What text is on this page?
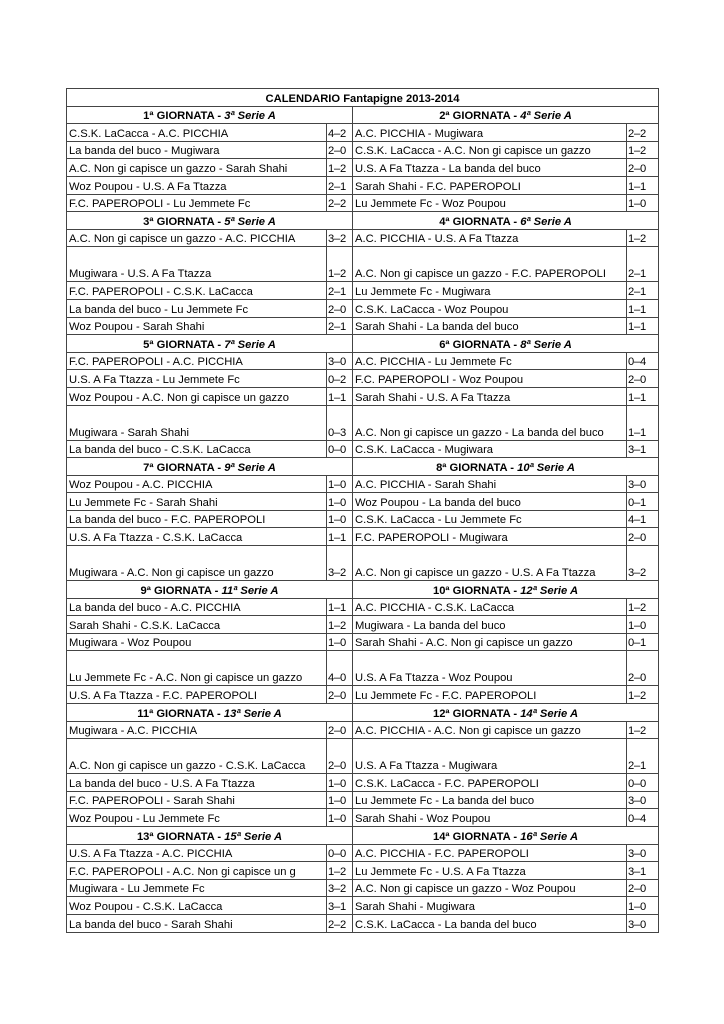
CALENDARIO Fantapigne 2013-2014			
1ª GIORNATA - 3ª Serie A		2ª GIORNATA - 4ª Serie A	
C.S.K. LaCacca - A.C. PICCHIA	4–2	A.C. PICCHIA - Mugiwara	2–2
La banda del buco - Mugiwara	2–0	C.S.K. LaCacca - A.C. Non gi capisce un gazzo	1–2
A.C. Non gi capisce un gazzo - Sarah Shahi	1–2	U.S. A Fa Ttazza - La banda del buco	2–0
Woz Poupou - U.S. A Fa Ttazza	2–1	Sarah Shahi - F.C. PAPEROPOLI	1–1
F.C. PAPEROPOLI - Lu Jemmete Fc	2–2	Lu Jemmete Fc - Woz Poupou	1–0
3ª GIORNATA - 5ª Serie A		4ª GIORNATA - 6ª Serie A	
A.C. Non gi capisce un gazzo - A.C. PICCHIA	3–2	A.C. PICCHIA - U.S. A Fa Ttazza	1–2
Mugiwara - U.S. A Fa Ttazza	1–2	A.C. Non gi capisce un gazzo - F.C. PAPEROPOLI	2–1
F.C. PAPEROPOLI - C.S.K. LaCacca	2–1	Lu Jemmete Fc - Mugiwara	2–1
La banda del buco - Lu Jemmete Fc	2–0	C.S.K. LaCacca - Woz Poupou	1–1
Woz Poupou - Sarah Shahi	2–1	Sarah Shahi - La banda del buco	1–1
5ª GIORNATA - 7ª Serie A		6ª GIORNATA - 8ª Serie A	
F.C. PAPEROPOLI - A.C. PICCHIA	3–0	A.C. PICCHIA - Lu Jemmete Fc	0–4
U.S. A Fa Ttazza - Lu Jemmete Fc	0–2	F.C. PAPEROPOLI - Woz Poupou	2–0
Woz Poupou - A.C. Non gi capisce un gazzo	1–1	Sarah Shahi - U.S. A Fa Ttazza	1–1
Mugiwara - Sarah Shahi	0–3	A.C. Non gi capisce un gazzo - La banda del buco	1–1
La banda del buco - C.S.K. LaCacca	0–0	C.S.K. LaCacca - Mugiwara	3–1
7ª GIORNATA - 9ª Serie A		8ª GIORNATA - 10ª Serie A	
Woz Poupou - A.C. PICCHIA	1–0	A.C. PICCHIA - Sarah Shahi	3–0
Lu Jemmete Fc - Sarah Shahi	1–0	Woz Poupou - La banda del buco	0–1
La banda del buco - F.C. PAPEROPOLI	1–0	C.S.K. LaCacca - Lu Jemmete Fc	4–1
U.S. A Fa Ttazza - C.S.K. LaCacca	1–1	F.C. PAPEROPOLI - Mugiwara	2–0
Mugiwara - A.C. Non gi capisce un gazzo	3–2	A.C. Non gi capisce un gazzo - U.S. A Fa Ttazza	3–2
9ª GIORNATA - 11ª Serie A		10ª GIORNATA - 12ª Serie A	
La banda del buco - A.C. PICCHIA	1–1	A.C. PICCHIA - C.S.K. LaCacca	1–2
Sarah Shahi - C.S.K. LaCacca	1–2	Mugiwara - La banda del buco	1–0
Mugiwara - Woz Poupou	1–0	Sarah Shahi - A.C. Non gi capisce un gazzo	0–1
Lu Jemmete Fc - A.C. Non gi capisce un gazzo	4–0	U.S. A Fa Ttazza - Woz Poupou	2–0
U.S. A Fa Ttazza - F.C. PAPEROPOLI	2–0	Lu Jemmete Fc - F.C. PAPEROPOLI	1–2
11ª GIORNATA - 13ª Serie A		12ª GIORNATA - 14ª Serie A	
Mugiwara - A.C. PICCHIA	2–0	A.C. PICCHIA - A.C. Non gi capisce un gazzo	1–2
A.C. Non gi capisce un gazzo - C.S.K. LaCacca	2–0	U.S. A Fa Ttazza - Mugiwara	2–1
La banda del buco - U.S. A Fa Ttazza	1–0	C.S.K. LaCacca - F.C. PAPEROPOLI	0–0
F.C. PAPEROPOLI - Sarah Shahi	1–0	Lu Jemmete Fc - La banda del buco	3–0
Woz Poupou - Lu Jemmete Fc	1–0	Sarah Shahi - Woz Poupou	0–4
13ª GIORNATA - 15ª Serie A		14ª GIORNATA - 16ª Serie A	
U.S. A Fa Ttazza - A.C. PICCHIA	0–0	A.C. PICCHIA - F.C. PAPEROPOLI	3–0
F.C. PAPEROPOLI - A.C. Non gi capisce un g	1–2	Lu Jemmete Fc - U.S. A Fa Ttazza	3–1
Mugiwara - Lu Jemmete Fc	3–2	A.C. Non gi capisce un gazzo - Woz Poupou	2–0
Woz Poupou - C.S.K. LaCacca	3–1	Sarah Shahi - Mugiwara	1–0
La banda del buco - Sarah Shahi	2–2	C.S.K. LaCacca - La banda del buco	3–0
